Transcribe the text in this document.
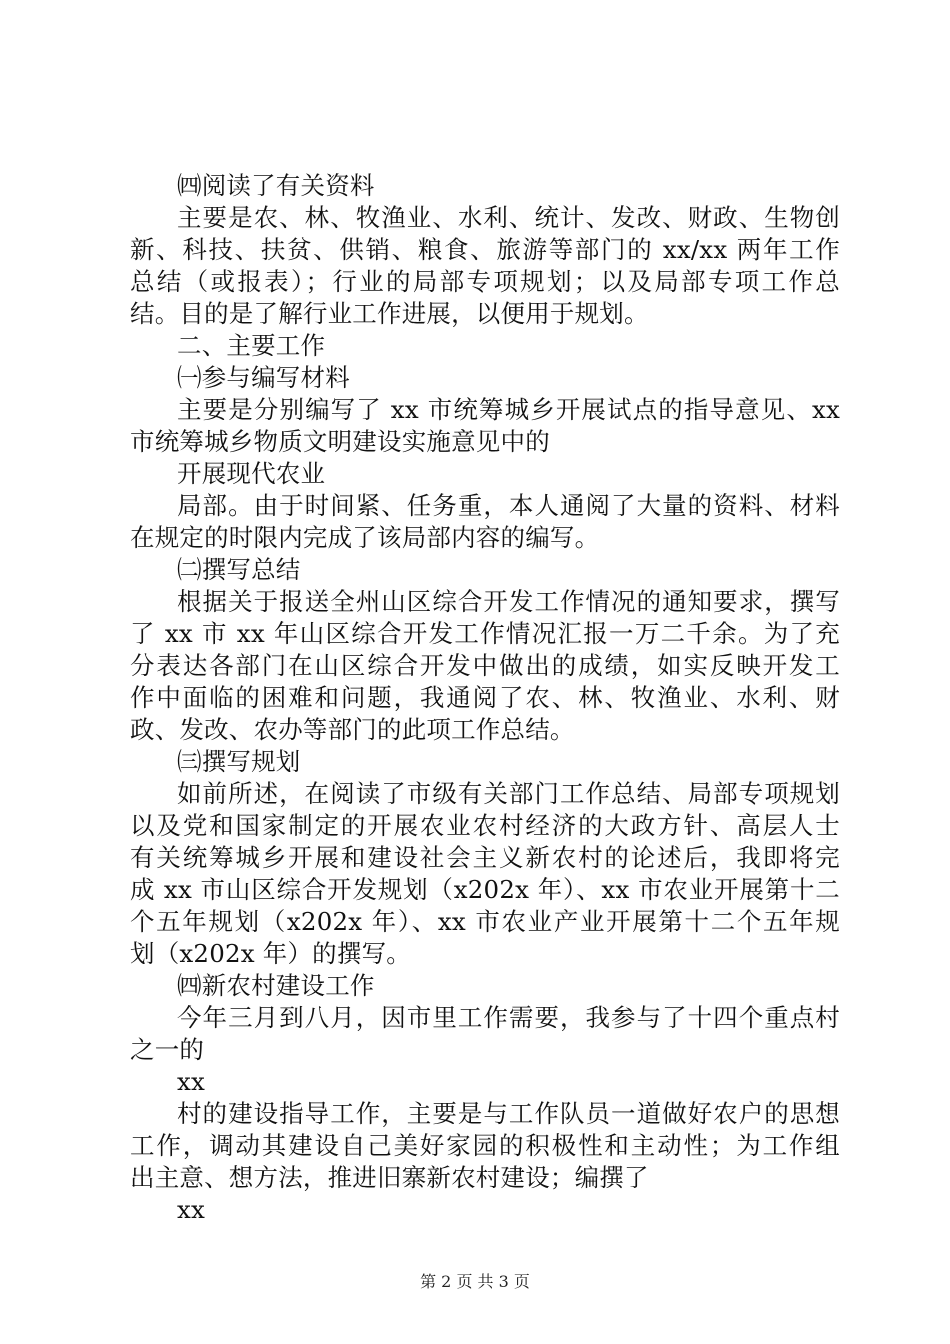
㈣阅读了有关资料
主要是农、林、牧渔业、水利、统计、发改、财政、生物创
新、科技、扶贫、供销、粮食、旅游等部门的 xx/xx 两年工作
总结（或报表）；行业的局部专项规划；以及局部专项工作总
结。目的是了解行业工作进展，以便用于规划。
二、主要工作
㈠参与编写材料
主要是分别编写了 xx 市统筹城乡开展试点的指导意见、xx
市统筹城乡物质文明建设实施意见中的
开展现代农业
局部。由于时间紧、任务重，本人通阅了大量的资料、材料
在规定的时限内完成了该局部内容的编写。
㈡撰写总结
根据关于报送全州山区综合开发工作情况的通知要求，撰写
了 xx 市 xx 年山区综合开发工作情况汇报一万二千余。为了充
分表达各部门在山区综合开发中做出的成绩，如实反映开发工
作中面临的困难和问题，我通阅了农、林、牧渔业、水利、财
政、发改、农办等部门的此项工作总结。
㈢撰写规划
如前所述，在阅读了市级有关部门工作总结、局部专项规划
以及党和国家制定的开展农业农村经济的大政方针、高层人士
有关统筹城乡开展和建设社会主义新农村的论述后，我即将完
成 xx 市山区综合开发规划（x202x 年）、xx 市农业开展第十二
个五年规划（x202x 年）、xx 市农业产业开展第十二个五年规
划（x202x 年）的撰写。
㈣新农村建设工作
今年三月到八月，因市里工作需要，我参与了十四个重点村
之一的
xx
村的建设指导工作，主要是与工作队员一道做好农户的思想
工作，调动其建设自己美好家园的积极性和主动性；为工作组
出主意、想方法，推进旧寨新农村建设；编撰了
xx
第 2 页 共 3 页
